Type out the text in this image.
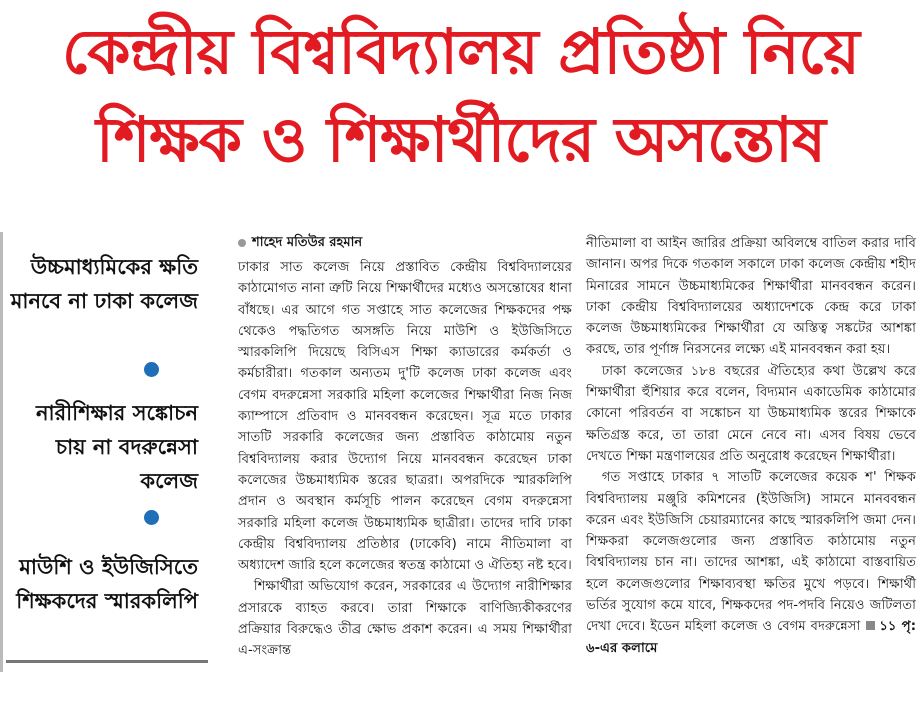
কেন্দ্রীয় বিশ্ববিদ্যালয় প্রতিষ্ঠা নিয়ে
শিক্ষক ও শিক্ষার্থীদের অসন্তোষ
উচ্চমাধ্যমিকের ক্ষতি মানবে না ঢাকা কলেজ
নারীশিক্ষার সঙ্কোচন চায় না বদরুন্নেসা কলেজ
মাউশি ও ইউজিসিতে শিক্ষকদের স্মারকলিপি
শাহেদ মতিউর রহমান

ঢাকার সাত কলেজ নিয়ে প্রস্তাবিত কেন্দ্রীয় বিশ্ববিদ্যালয়ের কাঠামোগত নানা ত্রুটি নিয়ে শিক্ষার্থীদের মধ্যেও অসন্তোষের ধানা বাঁধছে। এর আগে গত সপ্তাহে সাত কলেজের শিক্ষকদের পক্ষ থেকেও পদ্ধতিগত অসঙ্গতি নিয়ে মাউশি ও ইউজিসিতে স্মারকলিপি দিয়েছে বিসিএস শিক্ষা ক্যাডারের কর্মকর্তা ও কর্মচারীরা। গতকাল অন্যতম দু'টি কলেজ ঢাকা কলেজ এবং বেগম বদরুন্নেসা সরকারি মহিলা কলেজের শিক্ষার্থীরা নিজ নিজ ক্যাম্পাসে প্রতিবাদ ও মানববন্ধন করেছেন। সূত্র মতে ঢাকার সাতটি সরকারি কলেজের জন্য প্রস্তাবিত কাঠামোয় নতুন বিশ্ববিদ্যালয় করার উদ্যোগ নিয়ে মানববন্ধন করেছেন ঢাকা কলেজের উচ্চমাধ্যমিক স্তরের ছাত্ররা। অপরদিকে স্মারকলিপি প্রদান ও অবস্থান কর্মসূচি পালন করেছেন বেগম বদরুন্নেসা সরকারি মহিলা কলেজ উচ্চমাধ্যমিক ছাত্রীরা। তাদের দাবি ঢাকা কেন্দ্রীয় বিশ্ববিদ্যালয় প্রতিষ্ঠার (ঢাকেবি) নামে নীতিমালা বা অধ্যাদেশ জারি হলে কলেজের স্বতন্ত্র কাঠামো ও ঐতিহ্য নষ্ট হবে।

শিক্ষার্থীরা অভিযোগ করেন, সরকারের এ উদ্যোগ নারীশিক্ষার প্রসারকে ব্যাহত করবে। তারা শিক্ষাকে বাণিজ্যিকীকরণের প্রক্রিয়ার বিরুদ্ধেও তীব্র ক্ষোভ প্রকাশ করেন। এ সময় শিক্ষার্থীরা এ-সংক্রান্ত

নীতিমালা বা আইন জারির প্রক্রিয়া অবিলম্বে বাতিল করার দাবি জানান। অপর দিকে গতকাল সকালে ঢাকা কলেজ কেন্দ্রীয় শহীদ মিনারের সামনে উচ্চমাধ্যমিকের শিক্ষার্থীরা মানববন্ধন করেন। ঢাকা কেন্দ্রীয় বিশ্ববিদ্যালয়ের অধ্যাদেশকে কেন্দ্র করে ঢাকা কলেজ উচ্চমাধ্যমিকের শিক্ষার্থীরা যে অস্তিত্ব সঙ্কটের আশঙ্কা করছে, তার পূর্ণাঙ্গ নিরসনের লক্ষ্যে এই মানববন্ধন করা হয়।

ঢাকা কলেজের ১৮৪ বছরের ঐতিহ্যের কথা উল্লেখ করে শিক্ষার্থীরা হুঁশিয়ার করে বলেন, বিদ্যমান একাডেমিক কাঠামোর কোনো পরিবর্তন বা সঙ্কোচন যা উচ্চমাধ্যমিক স্তরের শিক্ষাকে ক্ষতিগ্রস্ত করে, তা তারা মেনে নেবে না। এসব বিষয় ভেবে দেখতে শিক্ষা মন্ত্রণালয়ের প্রতি অনুরোধ করেছেন শিক্ষার্থীরা।

গত সপ্তাহে ঢাকার ৭ সাতটি কলেজের কয়েক শ' শিক্ষক বিশ্ববিদ্যালয় মঞ্জুরি কমিশনের (ইউজিসি) সামনে মানববন্ধন করেন এবং ইউজিসি চেয়ারম্যানের কাছে স্মারকলিপি জমা দেন। শিক্ষকরা কলেজগুলোর জন্য প্রস্তাবিত কাঠামোয় নতুন বিশ্ববিদ্যালয় চান না। তাদের আশঙ্কা, এই কাঠামো বাস্তবায়িত হলে কলেজগুলোর শিক্ষাব্যবস্থা ক্ষতির মুখে পড়বে। শিক্ষার্থী ভর্তির সুযোগ কমে যাবে, শিক্ষকদের পদ-পদবি নিয়েও জটিলতা দেখা দেবে। ইডেন মহিলা কলেজ ও বেগম বদরুন্নেসা ১১ পৃ: ৬-এর কলামে
